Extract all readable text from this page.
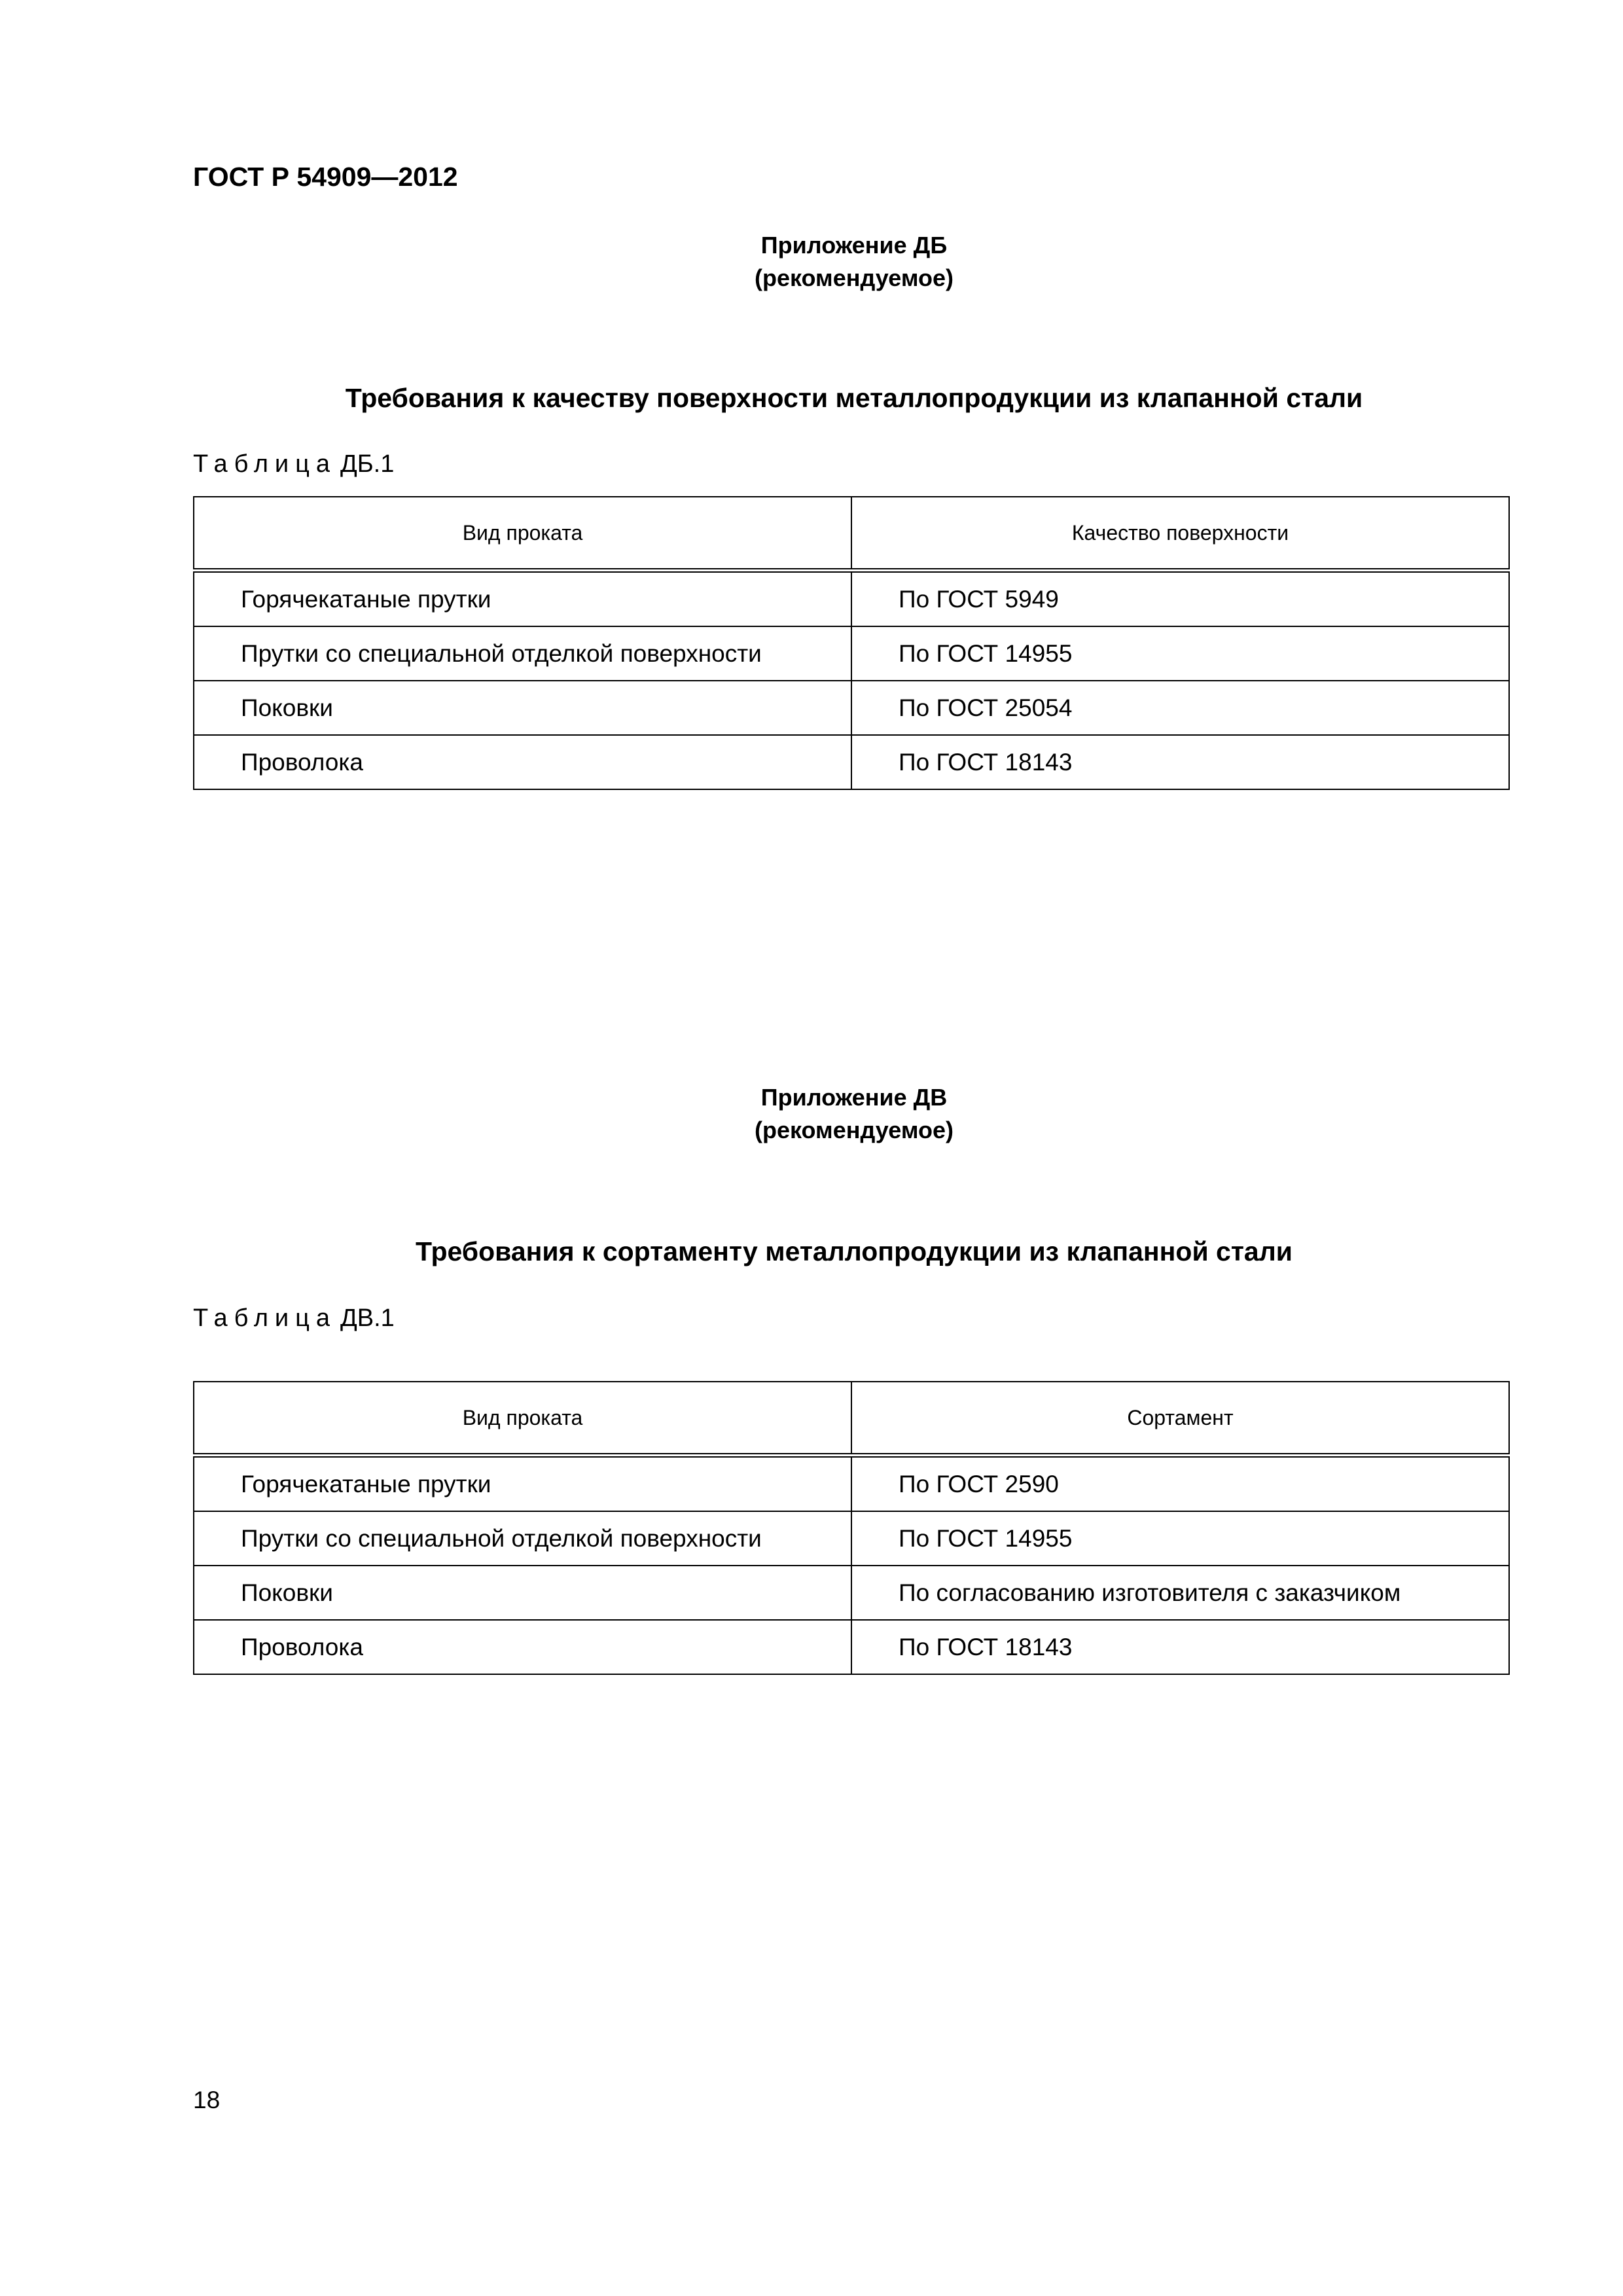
ГОСТ Р 54909—2012
Приложение ДБ
(рекомендуемое)
Требования к качеству поверхности металлопродукции из клапанной стали
Таблица ДБ.1
Вид проката	Качество поверхности
Горячекатаные прутки	По ГОСТ 5949
Прутки со специальной отделкой поверхности	По ГОСТ 14955
Поковки	По ГОСТ 25054
Проволока	По ГОСТ 18143
Приложение ДВ
(рекомендуемое)
Требования к сортаменту металлопродукции из клапанной стали
Таблица ДВ.1
Вид проката	Сортамент
Горячекатаные прутки	По ГОСТ 2590
Прутки со специальной отделкой поверхности	По ГОСТ 14955
Поковки	По согласованию изготовителя с заказчиком
Проволока	По ГОСТ 18143
18
